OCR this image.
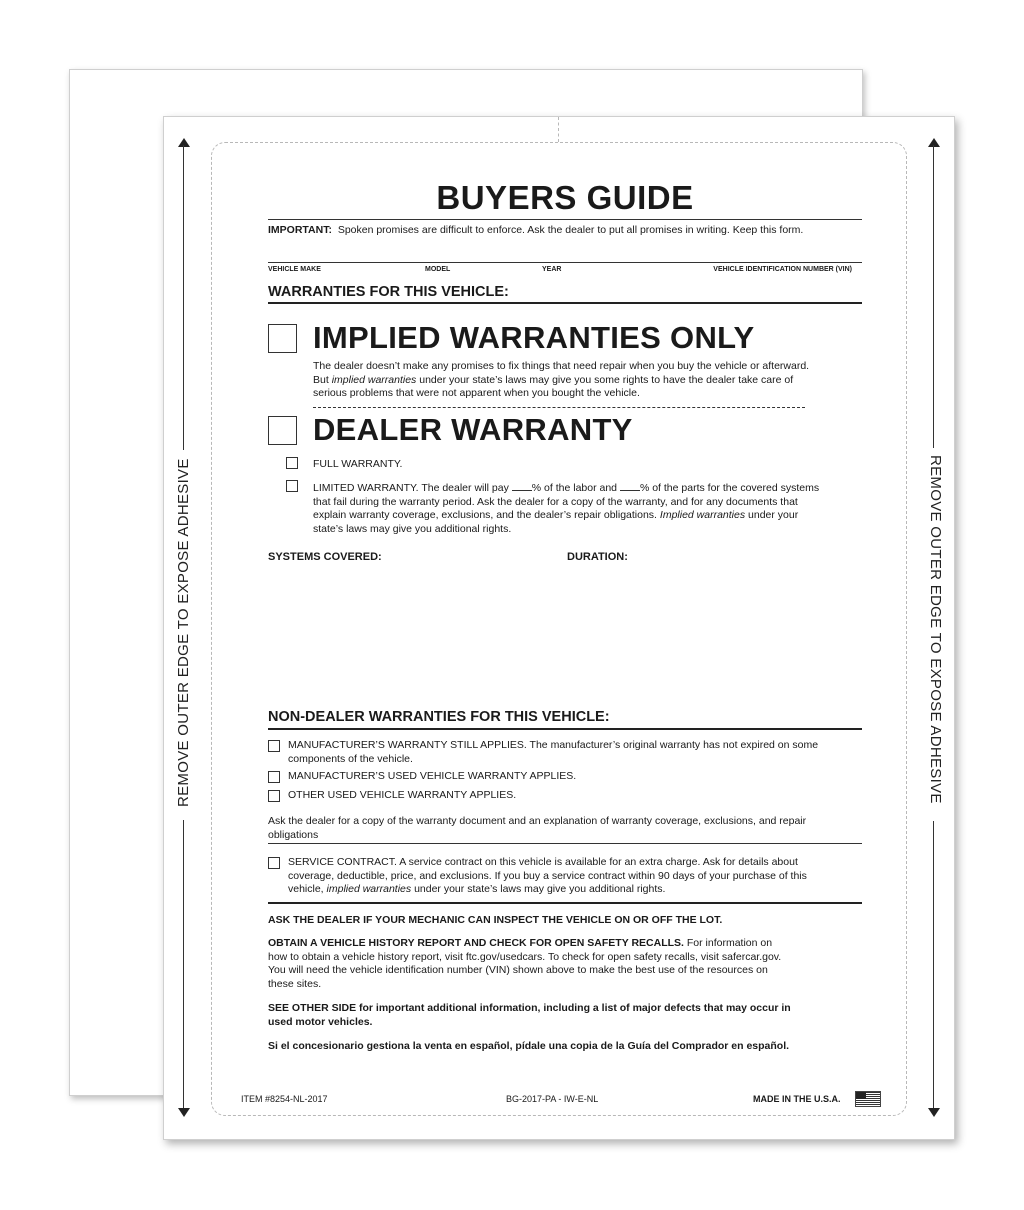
REMOVE OUTER EDGE TO EXPOSE ADHESIVE	REMOVE OUTER EDGE TO EXPOSE ADHESIVE
BUYERS GUIDE
IMPORTANT: Spoken promises are difficult to enforce. Ask the dealer to put all promises in writing. Keep this form.
VEHICLE MAKE	MODEL	YEAR	VEHICLE IDENTIFICATION NUMBER (VIN)
WARRANTIES FOR THIS VEHICLE:
IMPLIED WARRANTIES ONLY
The dealer doesn’t make any promises to fix things that need repair when you buy the vehicle or afterward.
But implied warranties under your state’s laws may give you some rights to have the dealer take care of
serious problems that were not apparent when you bought the vehicle.
DEALER WARRANTY
FULL WARRANTY.
LIMITED WARRANTY. The dealer will pay % of the labor and % of the parts for the covered systems
that fail during the warranty period. Ask the dealer for a copy of the warranty, and for any documents that
explain warranty coverage, exclusions, and the dealer’s repair obligations. Implied warranties under your
state’s laws may give you additional rights.
SYSTEMS COVERED:	DURATION:
NON-DEALER WARRANTIES FOR THIS VEHICLE:
MANUFACTURER’S WARRANTY STILL APPLIES. The manufacturer’s original warranty has not expired on some
components of the vehicle.
MANUFACTURER’S USED VEHICLE WARRANTY APPLIES.
OTHER USED VEHICLE WARRANTY APPLIES.
Ask the dealer for a copy of the warranty document and an explanation of warranty coverage, exclusions, and repair
obligations
SERVICE CONTRACT. A service contract on this vehicle is available for an extra charge. Ask for details about
coverage, deductible, price, and exclusions. If you buy a service contract within 90 days of your purchase of this
vehicle, implied warranties under your state’s laws may give you additional rights.
ASK THE DEALER IF YOUR MECHANIC CAN INSPECT THE VEHICLE ON OR OFF THE LOT.
OBTAIN A VEHICLE HISTORY REPORT AND CHECK FOR OPEN SAFETY RECALLS. For information on
how to obtain a vehicle history report, visit ftc.gov/usedcars. To check for open safety recalls, visit safercar.gov.
You will need the vehicle identification number (VIN) shown above to make the best use of the resources on
these sites.
SEE OTHER SIDE for important additional information, including a list of major defects that may occur in
used motor vehicles.
Si el concesionario gestiona la venta en español, pídale una copia de la Guía del Comprador en español.
ITEM #8254-NL-2017	BG-2017-PA - IW-E-NL	MADE IN THE U.S.A.
